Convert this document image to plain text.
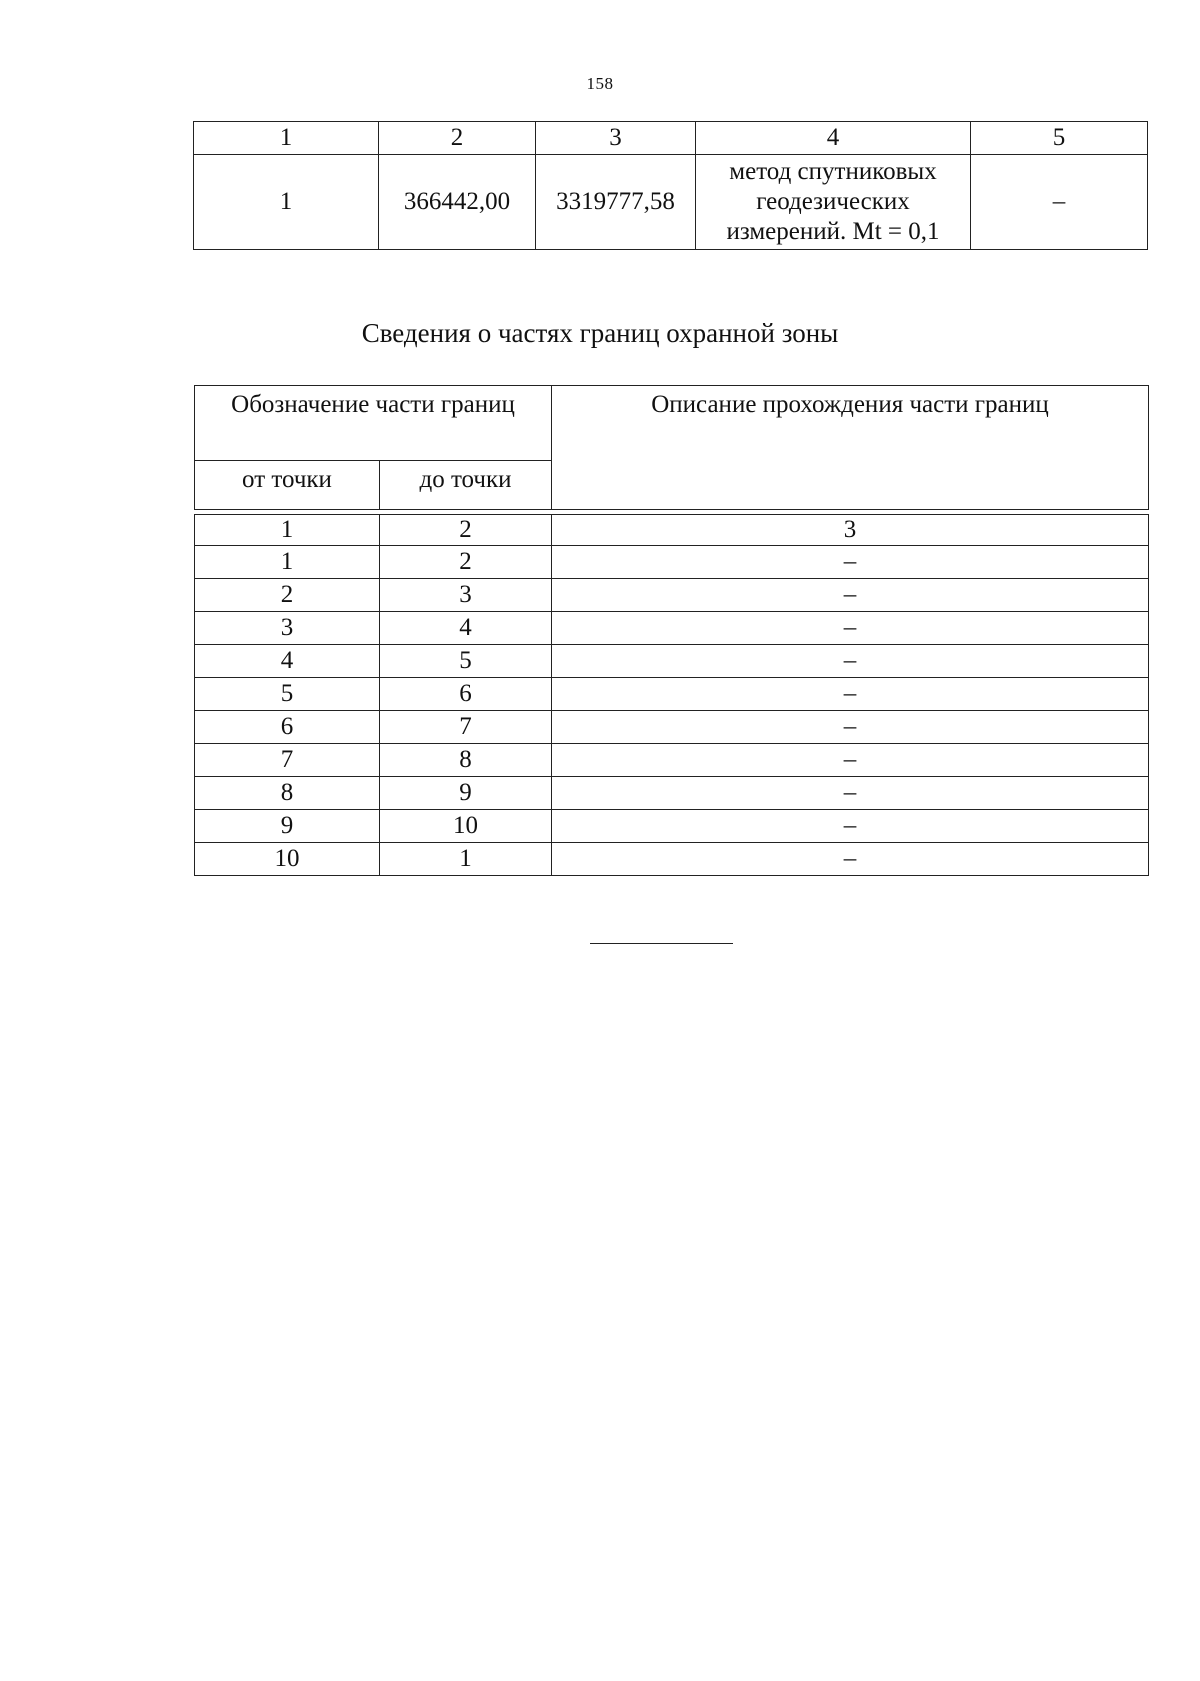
158
1	2	3	4	5
1	366442,00	3319777,58	метод спутниковых
геодезических
измерений. Mt = 0,1	–
Сведения о частях границ охранной зоны
Обозначение части границ		Описание прохождения части границ
от точки	до точки	

1	2	3
1	2	–
2	3	–
3	4	–
4	5	–
5	6	–
6	7	–
7	8	–
8	9	–
9	10	–
10	1	–
